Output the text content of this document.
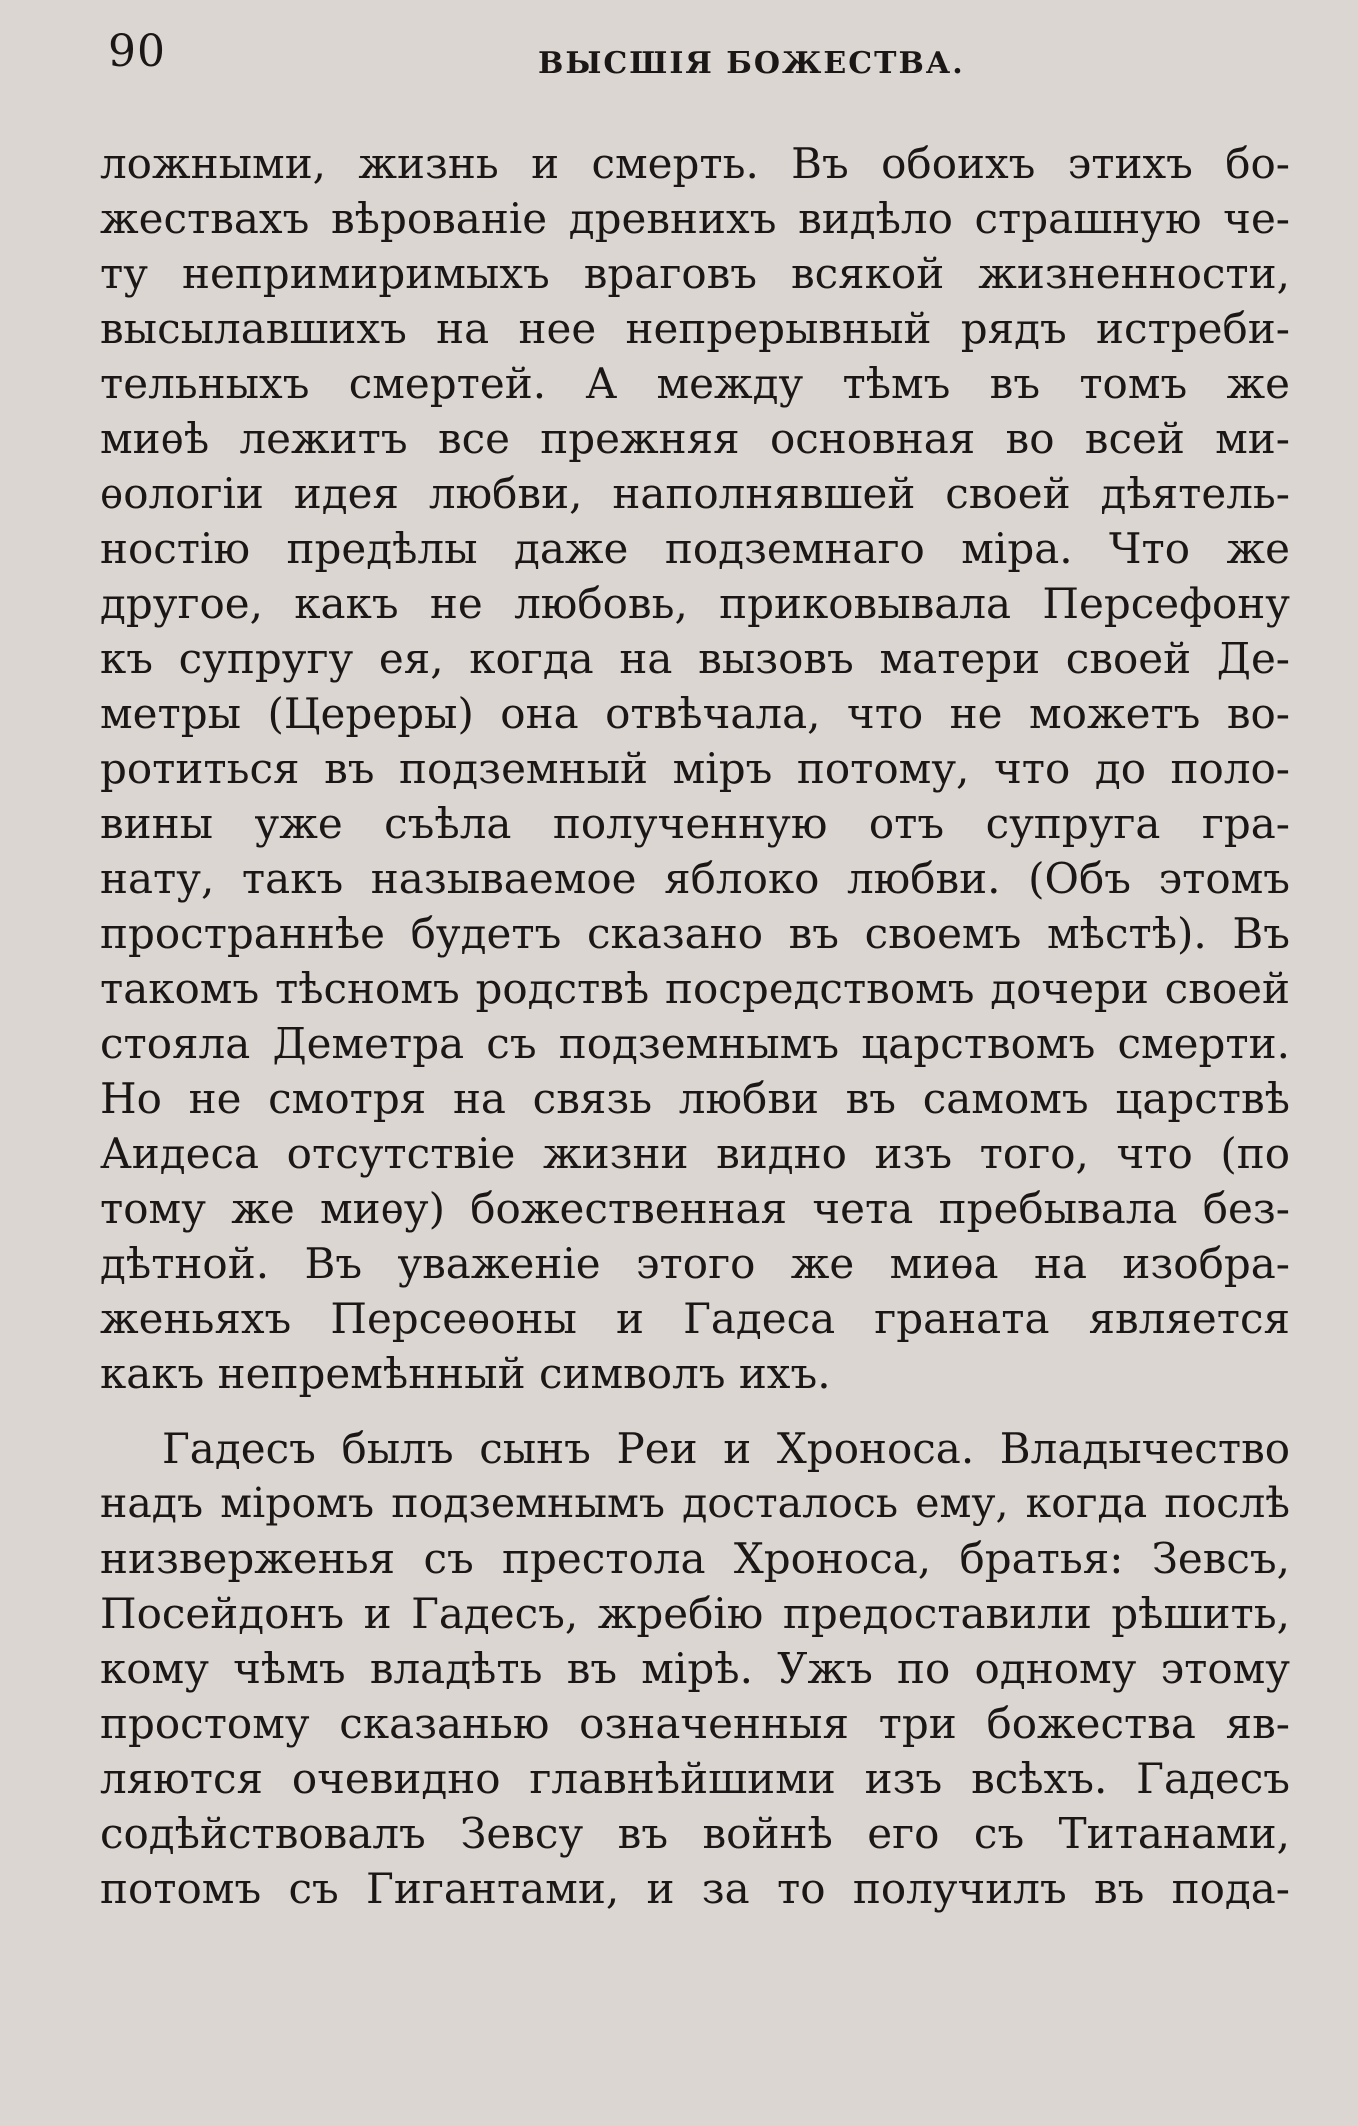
90	ВЫСШІЯ БОЖЕСТВА.
ложными, жизнь и смерть. Въ обоихъ этихъ бо-
жествахъ вѣрованіе древнихъ видѣло страшную че-
ту непримиримыхъ враговъ всякой жизненности,
высылавшихъ на нее непрерывный рядъ истреби-
тельныхъ смертей. А между тѣмъ въ томъ же
миѳѣ лежитъ все прежняя основная во всей ми-
ѳологіи идея любви, наполнявшей своей дѣятель-
ностію предѣлы даже подземнаго міра. Что же
другое, какъ не любовь, приковывала Персефону
къ супругу ея, когда на вызовъ матери своей Де-
метры (Цереры) она отвѣчала, что не можетъ во-
ротиться въ подземный міръ потому, что до поло-
вины уже съѣла полученную отъ супруга гра-
нату, такъ называемое яблоко любви. (Объ этомъ
пространнѣе будетъ сказано въ своемъ мѣстѣ). Въ
такомъ тѣсномъ родствѣ посредствомъ дочери своей
стояла Деметра съ подземнымъ царствомъ смерти.
Но не смотря на связь любви въ самомъ царствѣ
Аидеса отсутствіе жизни видно изъ того, что (по
тому же миѳу) божественная чета пребывала без-
дѣтной. Въ уваженіе этого же миѳа на изобра-
женьяхъ Персеѳоны и Гадеса граната является
какъ непремѣнный символъ ихъ.
Гадесъ былъ сынъ Реи и Хроноса. Владычество
надъ міромъ подземнымъ досталось ему, когда послѣ
низверженья съ престола Хроноса, братья: Зевсъ,
Посейдонъ и Гадесъ, жребію предоставили рѣшить,
кому чѣмъ владѣть въ мірѣ. Ужъ по одному этому
простому сказанью означенныя три божества яв-
ляются очевидно главнѣйшими изъ всѣхъ. Гадесъ
содѣйствовалъ Зевсу въ войнѣ его съ Титанами,
потомъ съ Гигантами, и за то получилъ въ пода-
